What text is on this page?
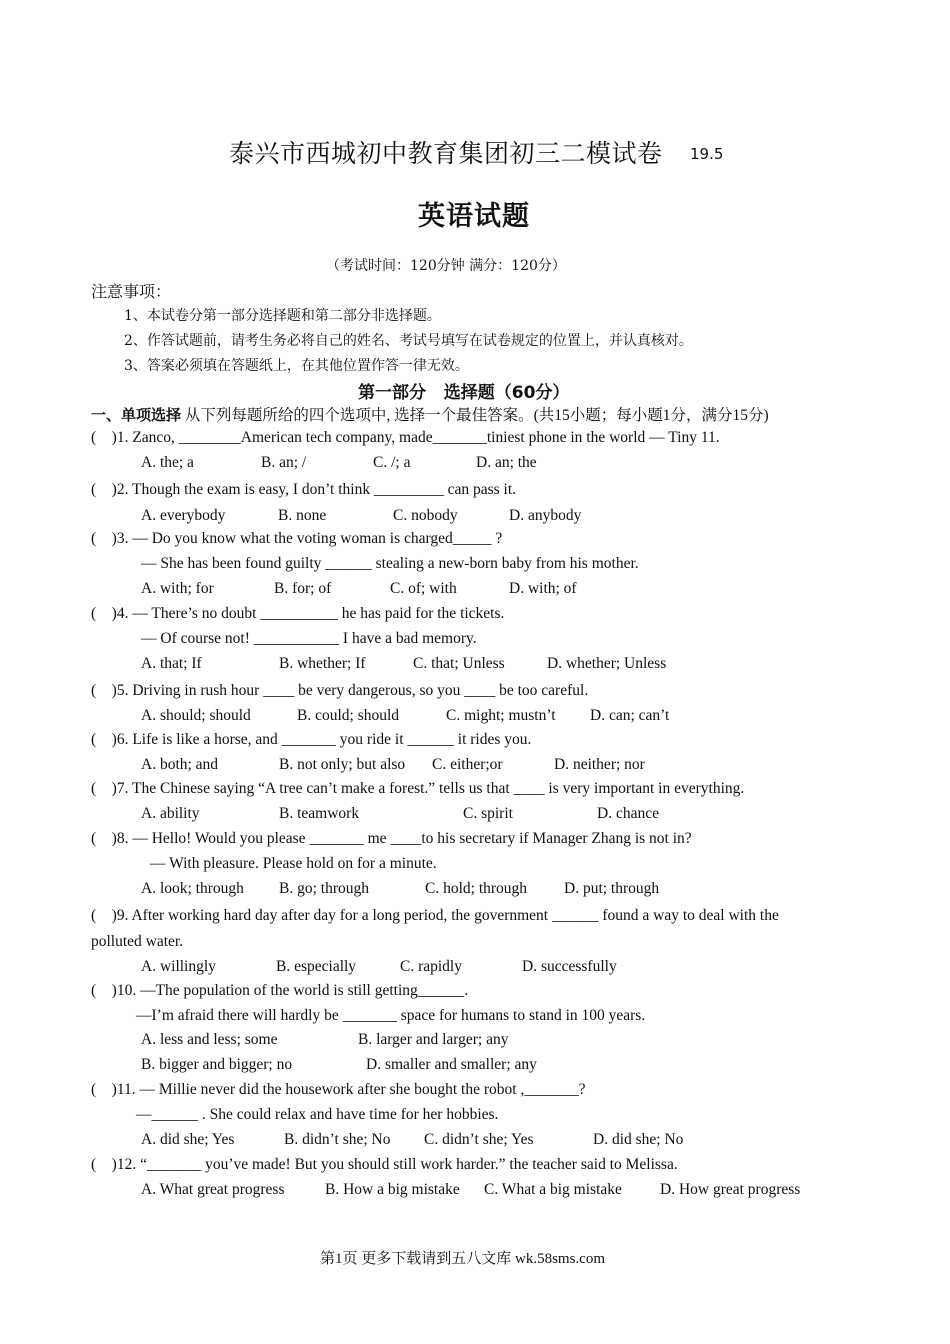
泰兴市西城初中教育集团初三二模试卷 19.5
英语试题
（考试时间：120分钟 满分：120分）
注意事项：
1、本试卷分第一部分选择题和第二部分非选择题。
2、作答试题前，请考生务必将自己的姓名、考试号填写在试卷规定的位置上，并认真核对。
3、答案必须填在答题纸上，在其他位置作答一律无效。
第一部分   选择题（60分）
一、单项选择 从下列每题所给的四个选项中, 选择一个最佳答案。(共15小题；每小题1分，满分15分)
(    )1. Zanco, ________American tech company, made_______tiniest phone in the world — Tiny 11.
A. the; a	B. an; /	C. /; a	D. an; the
(    )2. Though the exam is easy, I don’t think _________ can pass it.
A. everybody	B. none	C. nobody	D. anybody
(    )3. — Do you know what the voting woman is charged_____ ?
— She has been found guilty ______ stealing a new-born baby from his mother.
A. with; for	B. for; of	C. of; with	D. with; of
(    )4. — There’s no doubt __________ he has paid for the tickets.
— Of course not! ___________ I have a bad memory.
A. that; If	B. whether; If	C. that; Unless	D. whether; Unless
(    )5. Driving in rush hour ____ be very dangerous, so you ____ be too careful.
A. should; should	B. could; should	C. might; mustn’t D. can; can’t
(    )6. Life is like a horse, and _______ you ride it ______ it rides you.
A. both; and	B. not only; but also C. either;or	D. neither; nor
(    )7. The Chinese saying “A tree can’t make a forest.” tells us that ____ is very important in everything.
A. ability	B. teamwork	C. spirit	D. chance
(    )8. ― Hello! Would you please _______ me ____to his secretary if Manager Zhang is not in?
― With pleasure. Please hold on for a minute.
A. look; through B. go; through	C. hold; through D. put; through
(    )9. After working hard day after day for a long period, the government ______ found a way to deal with the
polluted water.
A. willingly	B. especially	C. rapidly	D. successfully
(    )10. —The population of the world is still getting______.
—I’m afraid there will hardly be _______ space for humans to stand in 100 years.
A. less and less; some	B. larger and larger; any
B. bigger and bigger; no	D. smaller and smaller; any
(    )11. — Millie never did the housework after she bought the robot ,_______?
—______ . She could relax and have time for her hobbies.
A. did she; Yes	B. didn’t she; No C. didn’t she; Yes	D. did she; No
(    )12. “_______ you’ve made! But you should still work harder.” the teacher said to Melissa.
A. What great progress	B. How a big mistake C. What a big mistake D. How great progress
第1页 更多下载请到五八文库 wk.58sms.com
